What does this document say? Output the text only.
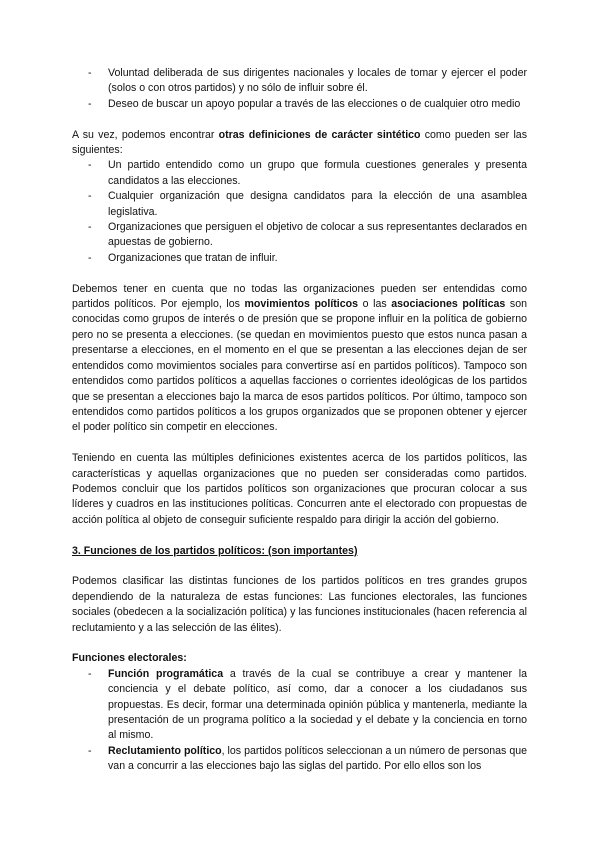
- Voluntad deliberada de sus dirigentes nacionales y locales de tomar y ejercer el poder (solos o con otros partidos) y no sólo de influir sobre él.
- Deseo de buscar un apoyo popular a través de las elecciones o de cualquier otro medio

A su vez, podemos encontrar otras definiciones de carácter sintético como pueden ser las siguientes:

- Un partido entendido como un grupo que formula cuestiones generales y presenta candidatos a las elecciones.
- Cualquier organización que designa candidatos para la elección de una asamblea legislativa.
- Organizaciones que persiguen el objetivo de colocar a sus representantes declarados en apuestas de gobierno.
- Organizaciones que tratan de influir.

Debemos tener en cuenta que no todas las organizaciones pueden ser entendidas como partidos políticos. Por ejemplo, los movimientos políticos o las asociaciones políticas son conocidas como grupos de interés o de presión que se propone influir en la política de gobierno pero no se presenta a elecciones. (se quedan en movimientos puesto que estos nunca pasan a presentarse a elecciones, en el momento en el que se presentan a las elecciones dejan de ser entendidos como movimientos sociales para convertirse así en partidos políticos). Tampoco son entendidos como partidos políticos a aquellas facciones o corrientes ideológicas de los partidos que se presentan a elecciones bajo la marca de esos partidos políticos. Por último, tampoco son entendidos como partidos políticos a los grupos organizados que se proponen obtener y ejercer el poder político sin competir en elecciones.

Teniendo en cuenta las múltiples definiciones existentes acerca de los partidos políticos, las características y aquellas organizaciones que no pueden ser consideradas como partidos. Podemos concluir que los partidos políticos son organizaciones que procuran colocar a sus líderes y cuadros en las instituciones políticas. Concurren ante el electorado con propuestas de acción política al objeto de conseguir suficiente respaldo para dirigir la acción del gobierno.

3. Funciones de los partidos políticos: (son importantes)

Podemos clasificar las distintas funciones de los partidos políticos en tres grandes grupos dependiendo de la naturaleza de estas funciones: Las funciones electorales, las funciones sociales (obedecen a la socialización política) y las funciones institucionales (hacen referencia al reclutamiento y a las selección de las élites).

Funciones electorales:

- Función programática a través de la cual se contribuye a crear y mantener la conciencia y el debate político, así como, dar a conocer a los ciudadanos sus propuestas. Es decir, formar una determinada opinión pública y mantenerla, mediante la presentación de un programa político a la sociedad y el debate y la conciencia en torno al mismo.
- Reclutamiento político, los partidos políticos seleccionan a un número de personas que van a concurrir a las elecciones bajo las siglas del partido. Por ello ellos son los
